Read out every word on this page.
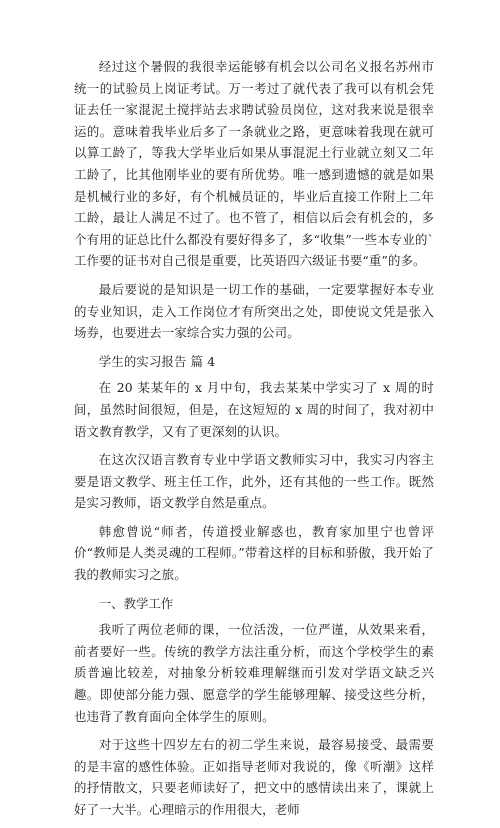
经过这个暑假的我很幸运能够有机会以公司名义报名苏州市统一的试验员上岗证考试。万一考过了就代表了我可以有机会凭证去任一家混泥土搅拌站去求聘试验员岗位，这对我来说是很幸运的。意味着我毕业后多了一条就业之路，更意味着我现在就可以算工龄了，等我大学毕业后如果从事混泥土行业就立刻又二年工龄了，比其他刚毕业的要有所优势。唯一感到遗憾的就是如果是机械行业的多好，有个机械员证的，毕业后直接工作附上二年工龄，最让人满足不过了。也不管了，相信以后会有机会的，多个有用的证总比什么都没有要好得多了，多“收集”一些本专业的`工作要的证书对自己很是重要，比英语四六级证书要“重”的多。

最后要说的是知识是一切工作的基础，一定要掌握好本专业的专业知识，走入工作岗位才有所突出之处，即使说文凭是张入场券，也要进去一家综合实力强的公司。

学生的实习报告 篇 4

在 20 某某年的 x 月中旬，我去某某中学实习了 x 周的时间，虽然时间很短，但是，在这短短的 x 周的时间了，我对初中语文教育教学，又有了更深刻的认识。

在这次汉语言教育专业中学语文教师实习中，我实习内容主要是语文教学、班主任工作，此外，还有其他的一些工作。既然是实习教师，语文教学自然是重点。

韩愈曾说“师者，传道授业解惑也，教育家加里宁也曾评价“教师是人类灵魂的工程师。”带着这样的目标和骄傲，我开始了我的教师实习之旅。

一、教学工作

我听了两位老师的课，一位活泼，一位严谨，从效果来看，前者要好一些。传统的教学方法注重分析，而这个学校学生的素质普遍比较差，对抽象分析较难理解继而引发对学语文缺乏兴趣。即使部分能力强、愿意学的学生能够理解、接受这些分析，也违背了教育面向全体学生的原则。

对于这些十四岁左右的初二学生来说，最容易接受、最需要的是丰富的感性体验。正如指导老师对我说的，像《听潮》这样的抒情散文，只要老师读好了，把文中的感情读出来了，课就上好了一大半。心理暗示的作用很大，老师
